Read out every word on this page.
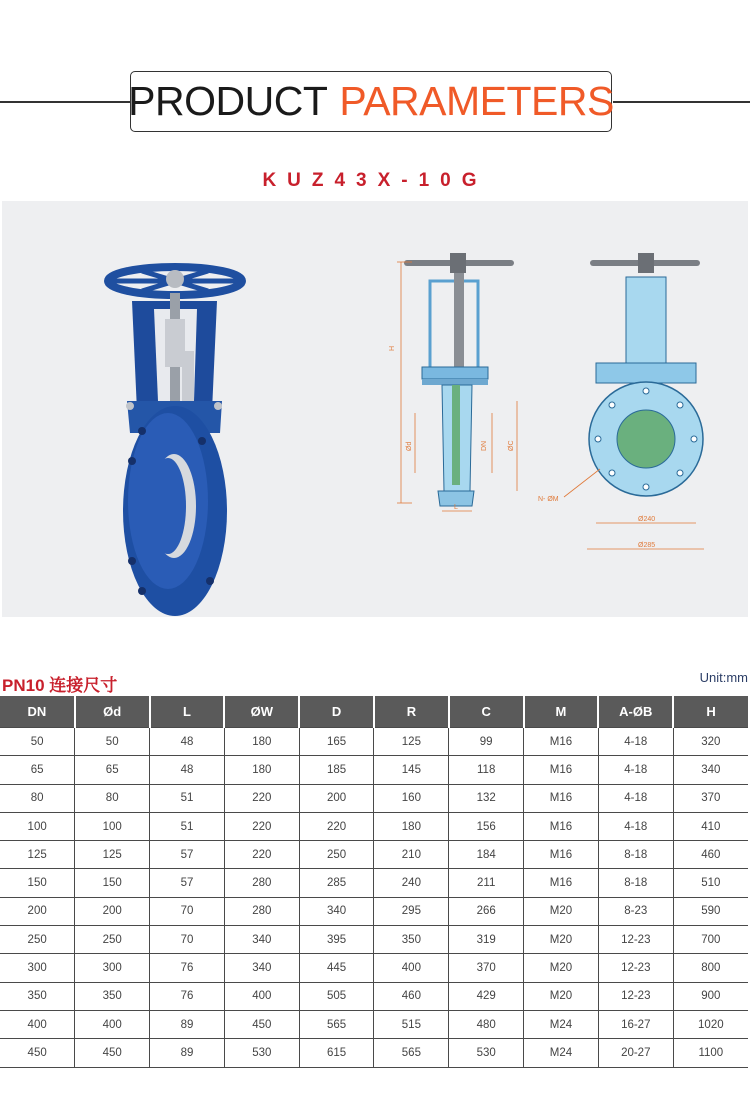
PRODUCT PARAMETERS
KUZ43X-10G
H
Ød	DN	ØC
L
Ø240
Ø285
N- ØM
PN10 连接尺寸	Unit:mm
DN	Ød	L	ØW	D	R	C	M	A-ØB	H
50	50	48	180	165	125	99	M16	4-18	320
65	65	48	180	185	145	118	M16	4-18	340
80	80	51	220	200	160	132	M16	4-18	370
100	100	51	220	220	180	156	M16	4-18	410
125	125	57	220	250	210	184	M16	8-18	460
150	150	57	280	285	240	211	M16	8-18	510
200	200	70	280	340	295	266	M20	8-23	590
250	250	70	340	395	350	319	M20	12-23	700
300	300	76	340	445	400	370	M20	12-23	800
350	350	76	400	505	460	429	M20	12-23	900
400	400	89	450	565	515	480	M24	16-27	1020
450	450	89	530	615	565	530	M24	20-27	1100
